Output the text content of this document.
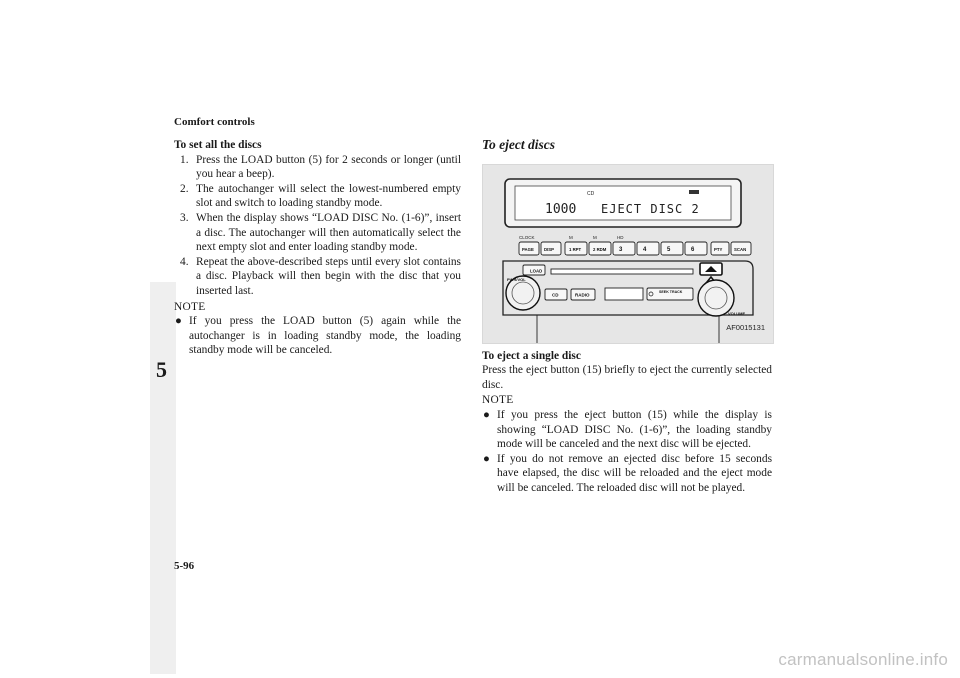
Comfort controls
5
5-96
carmanualsonline.info
To set all the discs
1. Press the LOAD button (5) for 2 seconds or longer (until you hear a beep).
2. The autochanger will select the lowest-numbered empty slot and switch to loading standby mode.
3. When the display shows “LOAD DISC No. (1-6)”, insert a disc. The autochanger will then automatically select the next empty slot and enter loading standby mode.
4. Repeat the above-described steps until every slot contains a disc. Playback will then begin with the disc that you inserted last.
NOTE
● If you press the LOAD button (5) again while the autochanger is in loading standby mode, the loading standby mode will be canceled.
To eject discs
CD
1000 EJECT DISC 2
CLOCK	M	M	HD
PAGE DISP	1 RPT	2 RDM 3	4	5	6	PTY	SCAN
LOAD
PWR/VOL
VOLUME
CD	RADIO
SEEK TRACK
AF0015131
To eject a single disc
Press the eject button (15) briefly to eject the currently selected disc.
NOTE
● If you press the eject button (15) while the display is showing “LOAD DISC No. (1-6)”, the loading standby mode will be canceled and the next disc will be ejected.
● If you do not remove an ejected disc before 15 seconds have elapsed, the disc will be reloaded and the eject mode will be canceled. The reloaded disc will not be played.
